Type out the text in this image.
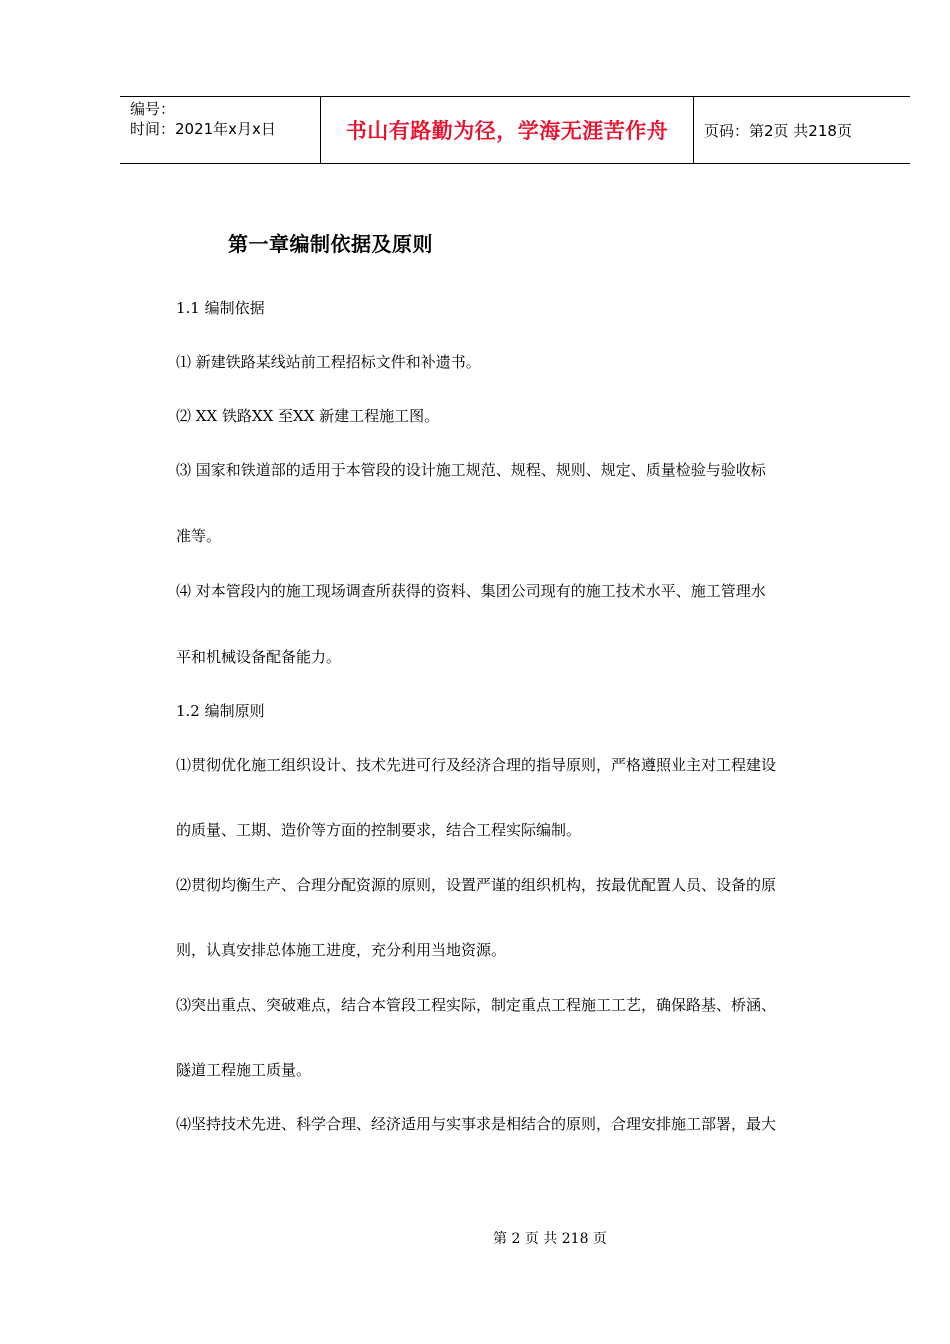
编号：
时间：2021年x月x日	书山有路勤为径，学海无涯苦作舟 页码：第2页 共218页
第一章编制依据及原则
1.1 编制依据
⑴ 新建铁路某线站前工程招标文件和补遗书。
⑵ XX 铁路XX 至XX 新建工程施工图。
⑶ 国家和铁道部的适用于本管段的设计施工规范、规程、规则、规定、质量检验与验收标
准等。
⑷ 对本管段内的施工现场调查所获得的资料、集团公司现有的施工技术水平、施工管理水
平和机械设备配备能力。
1.2 编制原则
⑴贯彻优化施工组织设计、技术先进可行及经济合理的指导原则，严格遵照业主对工程建设
的质量、工期、造价等方面的控制要求，结合工程实际编制。
⑵贯彻均衡生产、合理分配资源的原则，设置严谨的组织机构，按最优配置人员、设备的原
则，认真安排总体施工进度，充分利用当地资源。
⑶突出重点、突破难点，结合本管段工程实际，制定重点工程施工工艺，确保路基、桥涵、
隧道工程施工质量。
⑷坚持技术先进、科学合理、经济适用与实事求是相结合的原则，合理安排施工部署，最大
第 2 页 共 218 页
